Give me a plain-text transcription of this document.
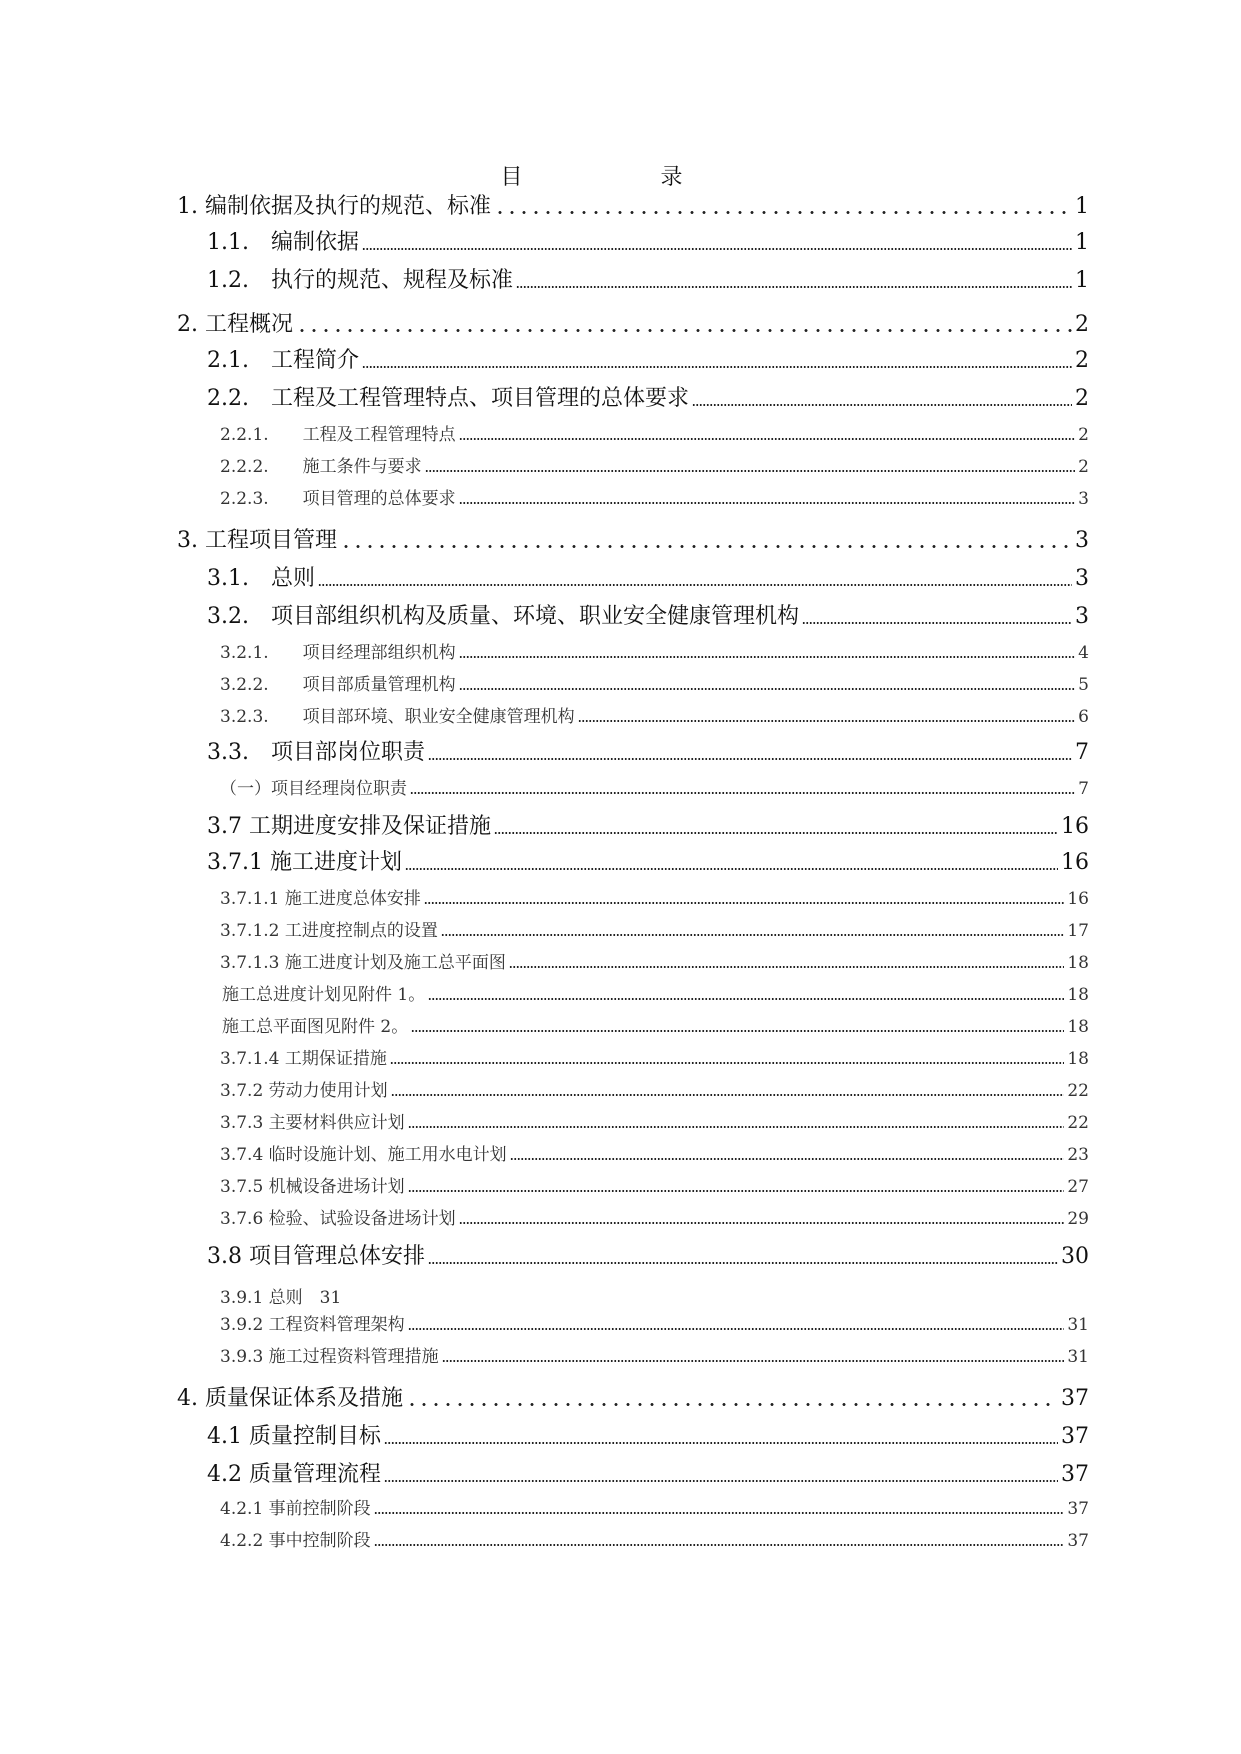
目　录
1. 编制依据及执行的规范、标准	1
1.1.　编制依据	1
1.2.　执行的规范、规程及标准	1
2. 工程概况	2
2.1.　工程简介	2
2.2.　工程及工程管理特点、项目管理的总体要求	2
2.2.1.　　工程及工程管理特点	2
2.2.2.　　施工条件与要求	2
2.2.3.　　项目管理的总体要求	3
3. 工程项目管理	3
3.1.　总则	3
3.2.　项目部组织机构及质量、环境、职业安全健康管理机构	3
3.2.1.　　项目经理部组织机构	4
3.2.2.　　项目部质量管理机构	5
3.2.3.　　项目部环境、职业安全健康管理机构	6
3.3.　项目部岗位职责	7
（一）项目经理岗位职责	7
3.7 工期进度安排及保证措施	16
3.7.1 施工进度计划	16
3.7.1.1 施工进度总体安排	16
3.7.1.2 工进度控制点的设置	17
3.7.1.3 施工进度计划及施工总平面图	18
施工总进度计划见附件 1。	18
施工总平面图见附件 2。	18
3.7.1.4 工期保证措施	18
3.7.2 劳动力使用计划	22
3.7.3 主要材料供应计划	22
3.7.4 临时设施计划、施工用水电计划	23
3.7.5 机械设备进场计划	27
3.7.6 检验、试验设备进场计划	29
3.8 项目管理总体安排	30
3.9.1 总则　31
3.9.2 工程资料管理架构	31
3.9.3 施工过程资料管理措施	31
4. 质量保证体系及措施	37
4.1 质量控制目标	37
4.2 质量管理流程	37
4.2.1 事前控制阶段	37
4.2.2 事中控制阶段	37
